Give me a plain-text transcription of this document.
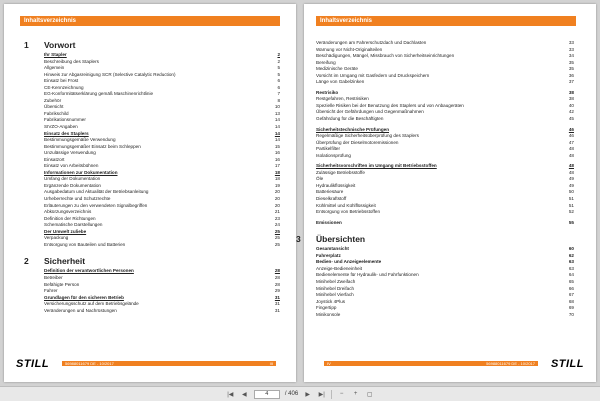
Inhaltsverzeichnis
1	Vorwort
Ihr Stapler	2
Beschreibung des Staplers	2
Allgemein	5
Hinweis zur Abgasreinigung SCR (Selective Catalytic Reduction)	5
Einsatz bei Frost	6
CE-Kennzeichnung	6
EG-Konformitätserklärung gemäß Maschinenrichtlinie	7
Zubehör	8
Übersicht	10
Fabrikschild	13
Fabrikationsnummer	14
SIVZO-Angaben	14
Einsatz des Staplers	14
Bestimmungsgemäße Verwendung	14
Bestimmungsgemäßer Einsatz beim Schleppen	15
Unzulässige Verwendung	16
Einsatzort	16
Einsatz von Arbeitsbühnen	17
Informationen zur Dokumentation	18
Umfang der Dokumentation	18
Ergänzende Dokumentation	19
Ausgabedatum und Aktualität der Betriebsanleitung	20
Urheberrechte und Schutzrechte	20
Erläuterungen zu den verwendeten Signalbegriffen	20
Abkürzungsverzeichnis	21
Definition der Richtungen	23
Schematische Darstellungen	24
Der Umwelt zuliebe	25
Verpackung	25
Entsorgung von Bauteilen und Batterien	25
2	Sicherheit
Definition der verantwortlichen Personen	28
Betreiber	28
Befähigte Person	28
Fahrer	29
Grundlagen für den sicheren Betrieb	31
Versicherungsschutz auf dem Betriebsgelände	31
Veränderungen und Nachrüstungen	31
STILL	56988011679 DE - 10/2017	III
Inhaltsverzeichnis
Veränderungen am Fahrerschutzdach und Dachlasten	33
Warnung vor Nicht-Originalteilen	33
Beschädigungen, Mängel, Missbrauch von Sicherheitseinrichtungen	34
Bereifung	35
Medizinische Geräte	35
Vorsicht im Umgang mit Gasfedern und Druckspeichern	36
Länge von Gabelzinken	37
Restrisiko	38
Restgefahren, Restrisiken	38
Spezielle Risiken bei der Benutzung des Staplers und von Anbaugeräten	40
Übersicht der Gefährdungen und Gegenmaßnahmen	42
Gefährdung für die Beschäftigten	45
Sicherheitstechnische Prüfungen	46
Regelmäßige Sicherheitsüberprüfung des Staplers	46
Überprüfung der Dieselmotoremissionen	47
Partikelfilter	48
Isolationsprüfung	48
Sicherheitsvorschriften im Umgang mit Betriebsstoffen	48
Zulässige Betriebsstoffe	48
Öle	49
Hydraulikflüssigkeit	49
Batteriesäure	50
Dieselkraftstoff	51
Kühlmittel und Kühlflüssigkeit	51
Entsorgung von Betriebsstoffen	52
Emissionen	55
3	Übersichten
Gesamtansicht	60
Fahrerplatz	62
Bedien- und Anzeigeelemente	63
Anzeige-Bedieneinheit	63
Bedienelemente für Hydraulik- und Fahrfunktionen	64
Minihebel Zweifach	65
Minihebel Dreifach	66
Minihebel Vierfach	67
Joystick 4Plus	68
Fingertipp	69
Minikonsole	70
STILL
IV	56988011679 DE - 10/2017
|◀	◀	4	/ 406	▶	▶|	−	+	▢
